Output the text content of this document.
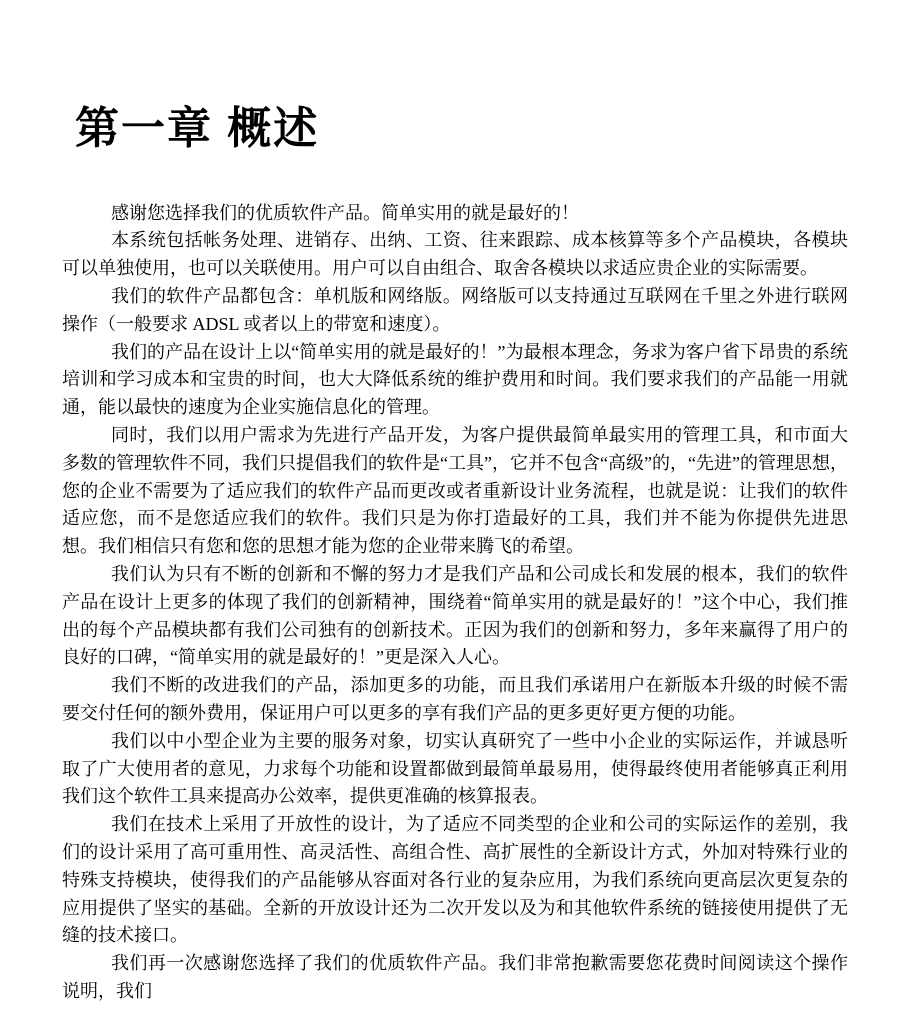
第一章 概述

感谢您选择我们的优质软件产品。简单实用的就是最好的！

本系统包括帐务处理、进销存、出纳、工资、往来跟踪、成本核算等多个产品模块，各模块可以单独使用，也可以关联使用。用户可以自由组合、取舍各模块以求适应贵企业的实际需要。

我们的软件产品都包含：单机版和网络版。网络版可以支持通过互联网在千里之外进行联网操作（一般要求 ADSL 或者以上的带宽和速度）。

我们的产品在设计上以“简单实用的就是最好的！”为最根本理念，务求为客户省下昂贵的系统培训和学习成本和宝贵的时间，也大大降低系统的维护费用和时间。我们要求我们的产品能一用就通，能以最快的速度为企业实施信息化的管理。

同时，我们以用户需求为先进行产品开发，为客户提供最简单最实用的管理工具，和市面大多数的管理软件不同，我们只提倡我们的软件是“工具”，它并不包含“高级”的，“先进”的管理思想，您的企业不需要为了适应我们的软件产品而更改或者重新设计业务流程，也就是说：让我们的软件适应您，而不是您适应我们的软件。我们只是为你打造最好的工具，我们并不能为你提供先进思想。我们相信只有您和您的思想才能为您的企业带来腾飞的希望。

我们认为只有不断的创新和不懈的努力才是我们产品和公司成长和发展的根本，我们的软件产品在设计上更多的体现了我们的创新精神，围绕着“简单实用的就是最好的！”这个中心，我们推出的每个产品模块都有我们公司独有的创新技术。正因为我们的创新和努力，多年来赢得了用户的良好的口碑，“简单实用的就是最好的！”更是深入人心。

我们不断的改进我们的产品，添加更多的功能，而且我们承诺用户在新版本升级的时候不需要交付任何的额外费用，保证用户可以更多的享有我们产品的更多更好更方便的功能。

我们以中小型企业为主要的服务对象，切实认真研究了一些中小企业的实际运作，并诚恳听取了广大使用者的意见，力求每个功能和设置都做到最简单最易用，使得最终使用者能够真正利用我们这个软件工具来提高办公效率，提供更准确的核算报表。

我们在技术上采用了开放性的设计，为了适应不同类型的企业和公司的实际运作的差别，我们的设计采用了高可重用性、高灵活性、高组合性、高扩展性的全新设计方式，外加对特殊行业的特殊支持模块，使得我们的产品能够从容面对各行业的复杂应用，为我们系统向更高层次更复杂的应用提供了坚实的基础。全新的开放设计还为二次开发以及为和其他软件系统的链接使用提供了无缝的技术接口。

我们再一次感谢您选择了我们的优质软件产品。我们非常抱歉需要您花费时间阅读这个操作说明，我们
